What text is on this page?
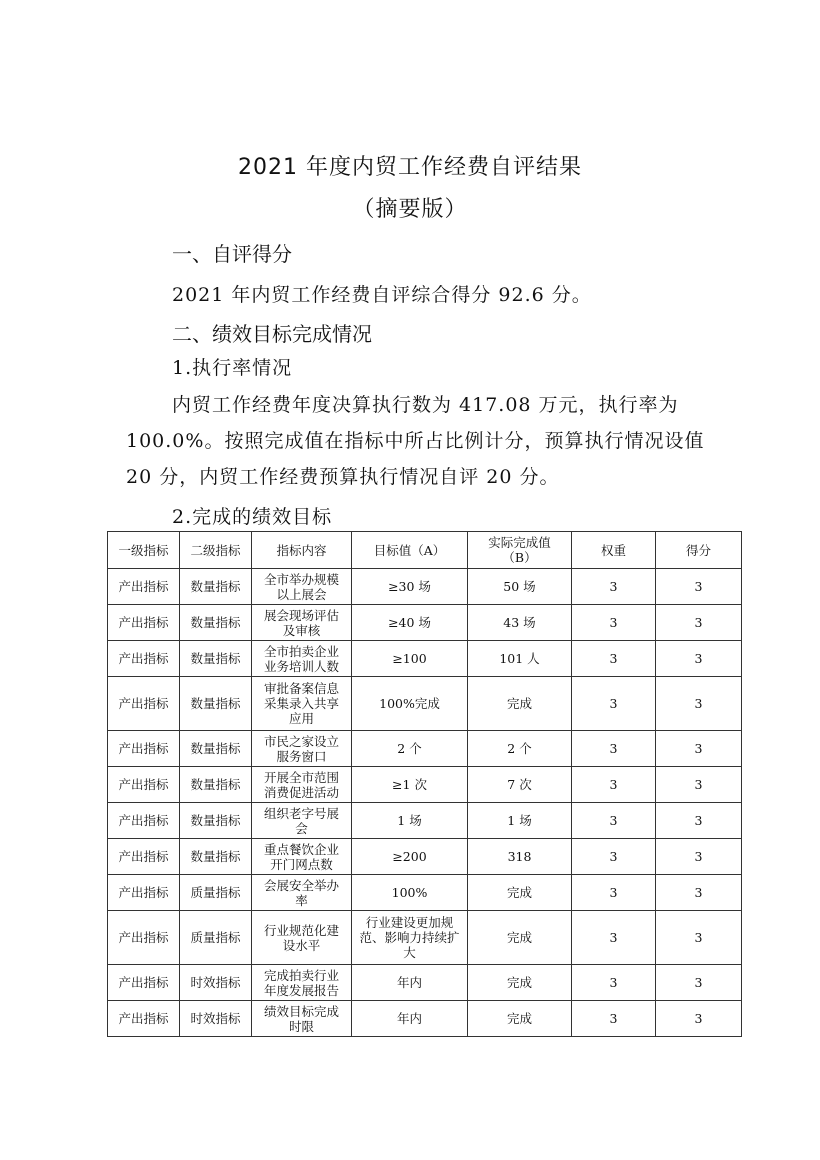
2021 年度内贸工作经费自评结果
（摘要版）
一、自评得分
2021 年内贸工作经费自评综合得分 92.6 分。
二、绩效目标完成情况
1.执行率情况
内贸工作经费年度决算执行数为 417.08 万元，执行率为 100.0%。按照完成值在指标中所占比例计分，预算执行情况设值 20 分，内贸工作经费预算执行情况自评 20 分。
2.完成的绩效目标
一级指标	二级指标	指标内容	目标值（A）	实际完成值（B）	权重	得分
产出指标	数量指标	全市举办规模以上展会	≥30 场	50 场	3	3
产出指标	数量指标	展会现场评估及审核	≥40 场	43 场	3	3
产出指标	数量指标	全市拍卖企业业务培训人数	≥100	101 人	3	3
产出指标	数量指标	审批备案信息采集录入共享应用	100%完成	完成	3	3
产出指标	数量指标	市民之家设立服务窗口	2 个	2 个	3	3
产出指标	数量指标	开展全市范围消费促进活动	≥1 次	7 次	3	3
产出指标	数量指标	组织老字号展会	1 场	1 场	3	3
产出指标	数量指标	重点餐饮企业开门网点数	≥200	318	3	3
产出指标	质量指标	会展安全举办率	100%	完成	3	3
产出指标	质量指标	行业规范化建设水平	行业建设更加规范、影响力持续扩大	完成	3	3
产出指标	时效指标	完成拍卖行业年度发展报告	年内	完成	3	3
产出指标	时效指标	绩效目标完成时限	年内	完成	3	3
